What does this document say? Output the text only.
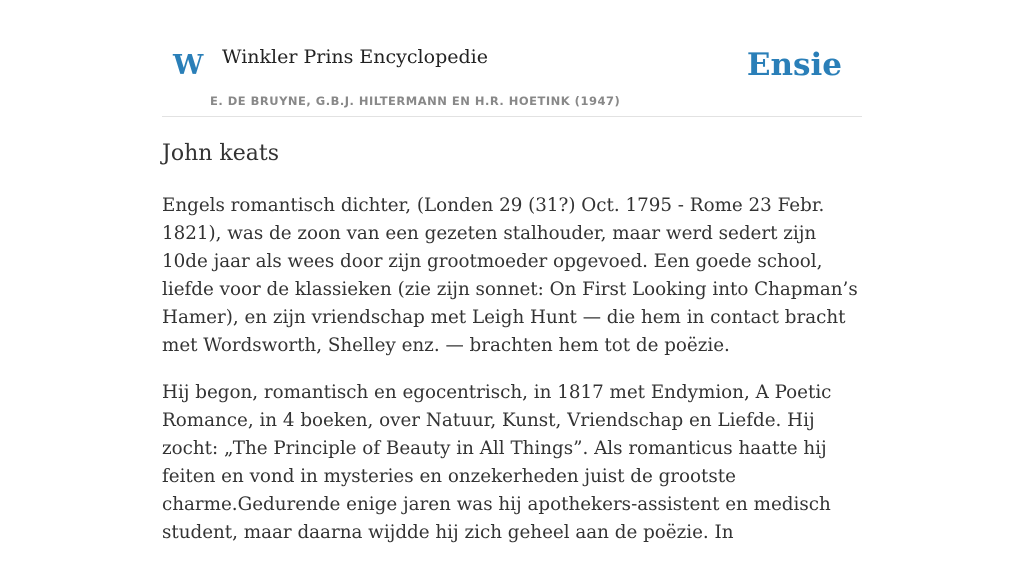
W Winkler Prins Encyclopedie
E. DE BRUYNE, G.B.J. HILTERMANN EN H.R. HOETINK (1947)
Ensie
John keats

Engels romantisch dichter, (Londen 29 (31?) Oct. 1795 - Rome 23 Febr. 1821), was de zoon van een gezeten stalhouder, maar werd sedert zijn 10de jaar als wees door zijn grootmoeder opgevoed. Een goede school, liefde voor de klassieken (zie zijn sonnet: On First Looking into Chapman’s Hamer), en zijn vriendschap met Leigh Hunt — die hem in contact bracht met Wordsworth, Shelley enz. — brachten hem tot de poëzie.

Hij begon, romantisch en egocentrisch, in 1817 met Endymion, A Poetic Romance, in 4 boeken, over Natuur, Kunst, Vriendschap en Liefde. Hij zocht: „The Principle of Beauty in All Things”. Als romanticus haatte hij feiten en vond in mysteries en onzekerheden juist de grootste charme.Gedurende enige jaren was hij apothekers-assistent en medisch student, maar daarna wijdde hij zich geheel aan de poëzie. In
